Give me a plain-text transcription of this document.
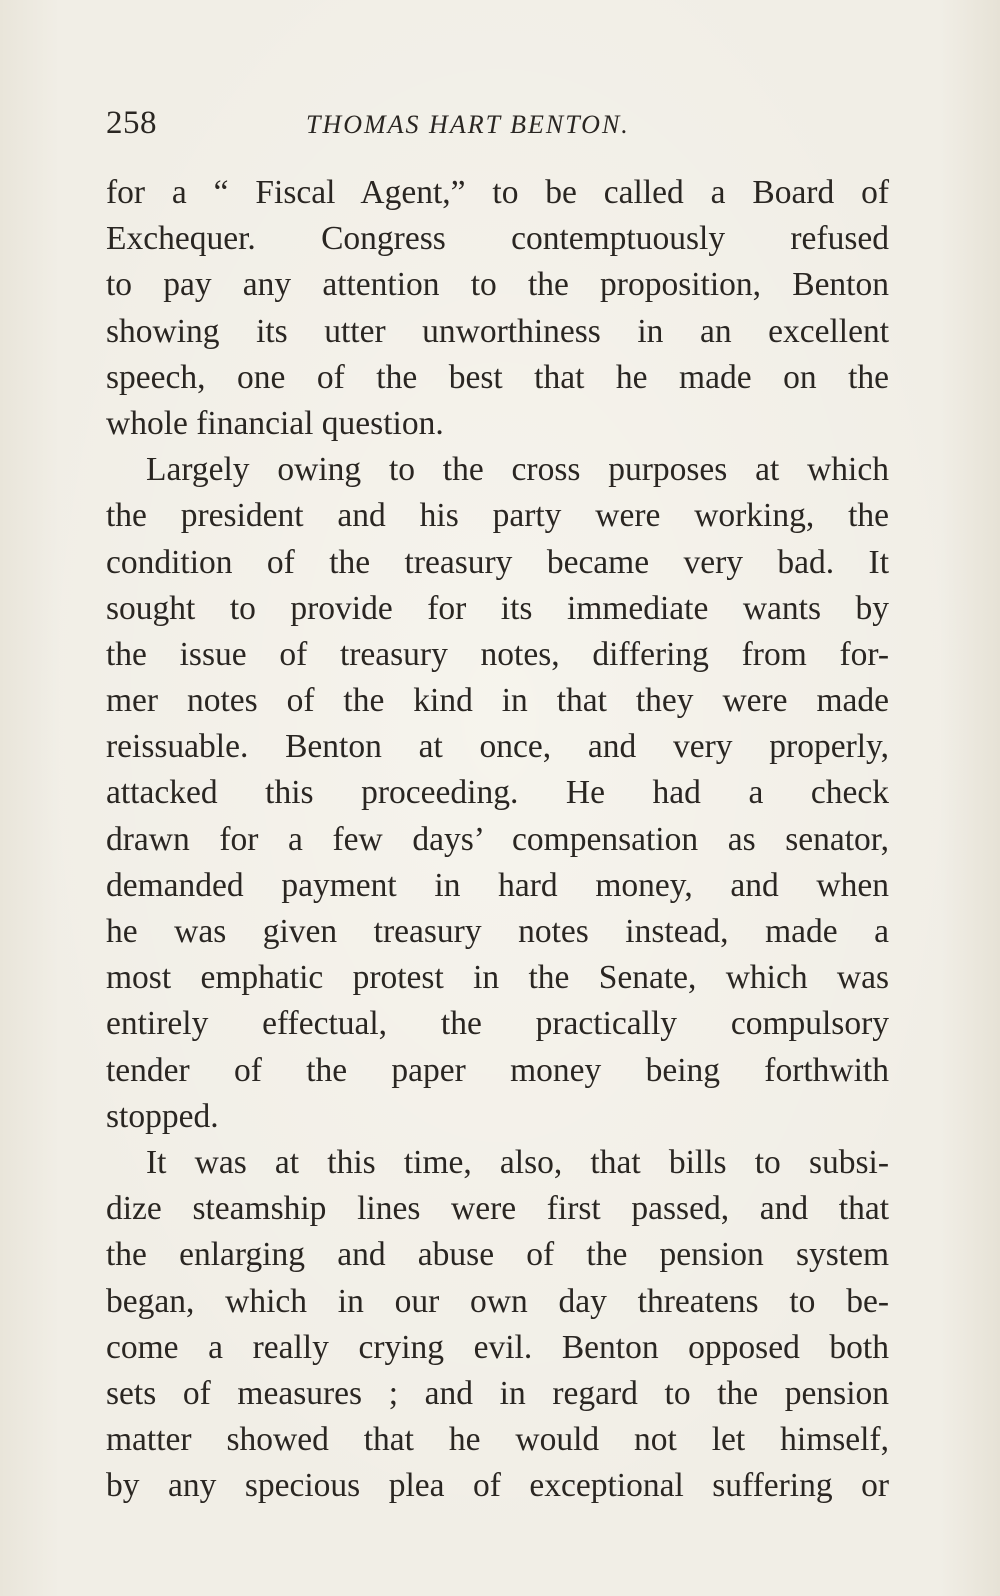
258	THOMAS HART BENTON.
for a “ Fiscal Agent,” to be called a Board of
Exchequer. Congress contemptuously refused
to pay any attention to the proposition, Benton
showing its utter unworthiness in an excellent
speech, one of the best that he made on the
whole financial question.
Largely owing to the cross purposes at which
the president and his party were working, the
condition of the treasury became very bad. It
sought to provide for its immediate wants by
the issue of treasury notes, differing from for-
mer notes of the kind in that they were made
reissuable. Benton at once, and very properly,
attacked this proceeding. He had a check
drawn for a few days’ compensation as senator,
demanded payment in hard money, and when
he was given treasury notes instead, made a
most emphatic protest in the Senate, which was
entirely effectual, the practically compulsory
tender of the paper money being forthwith
stopped.
It was at this time, also, that bills to subsi-
dize steamship lines were first passed, and that
the enlarging and abuse of the pension system
began, which in our own day threatens to be-
come a really crying evil. Benton opposed both
sets of measures ; and in regard to the pension
matter showed that he would not let himself,
by any specious plea of exceptional suffering or
